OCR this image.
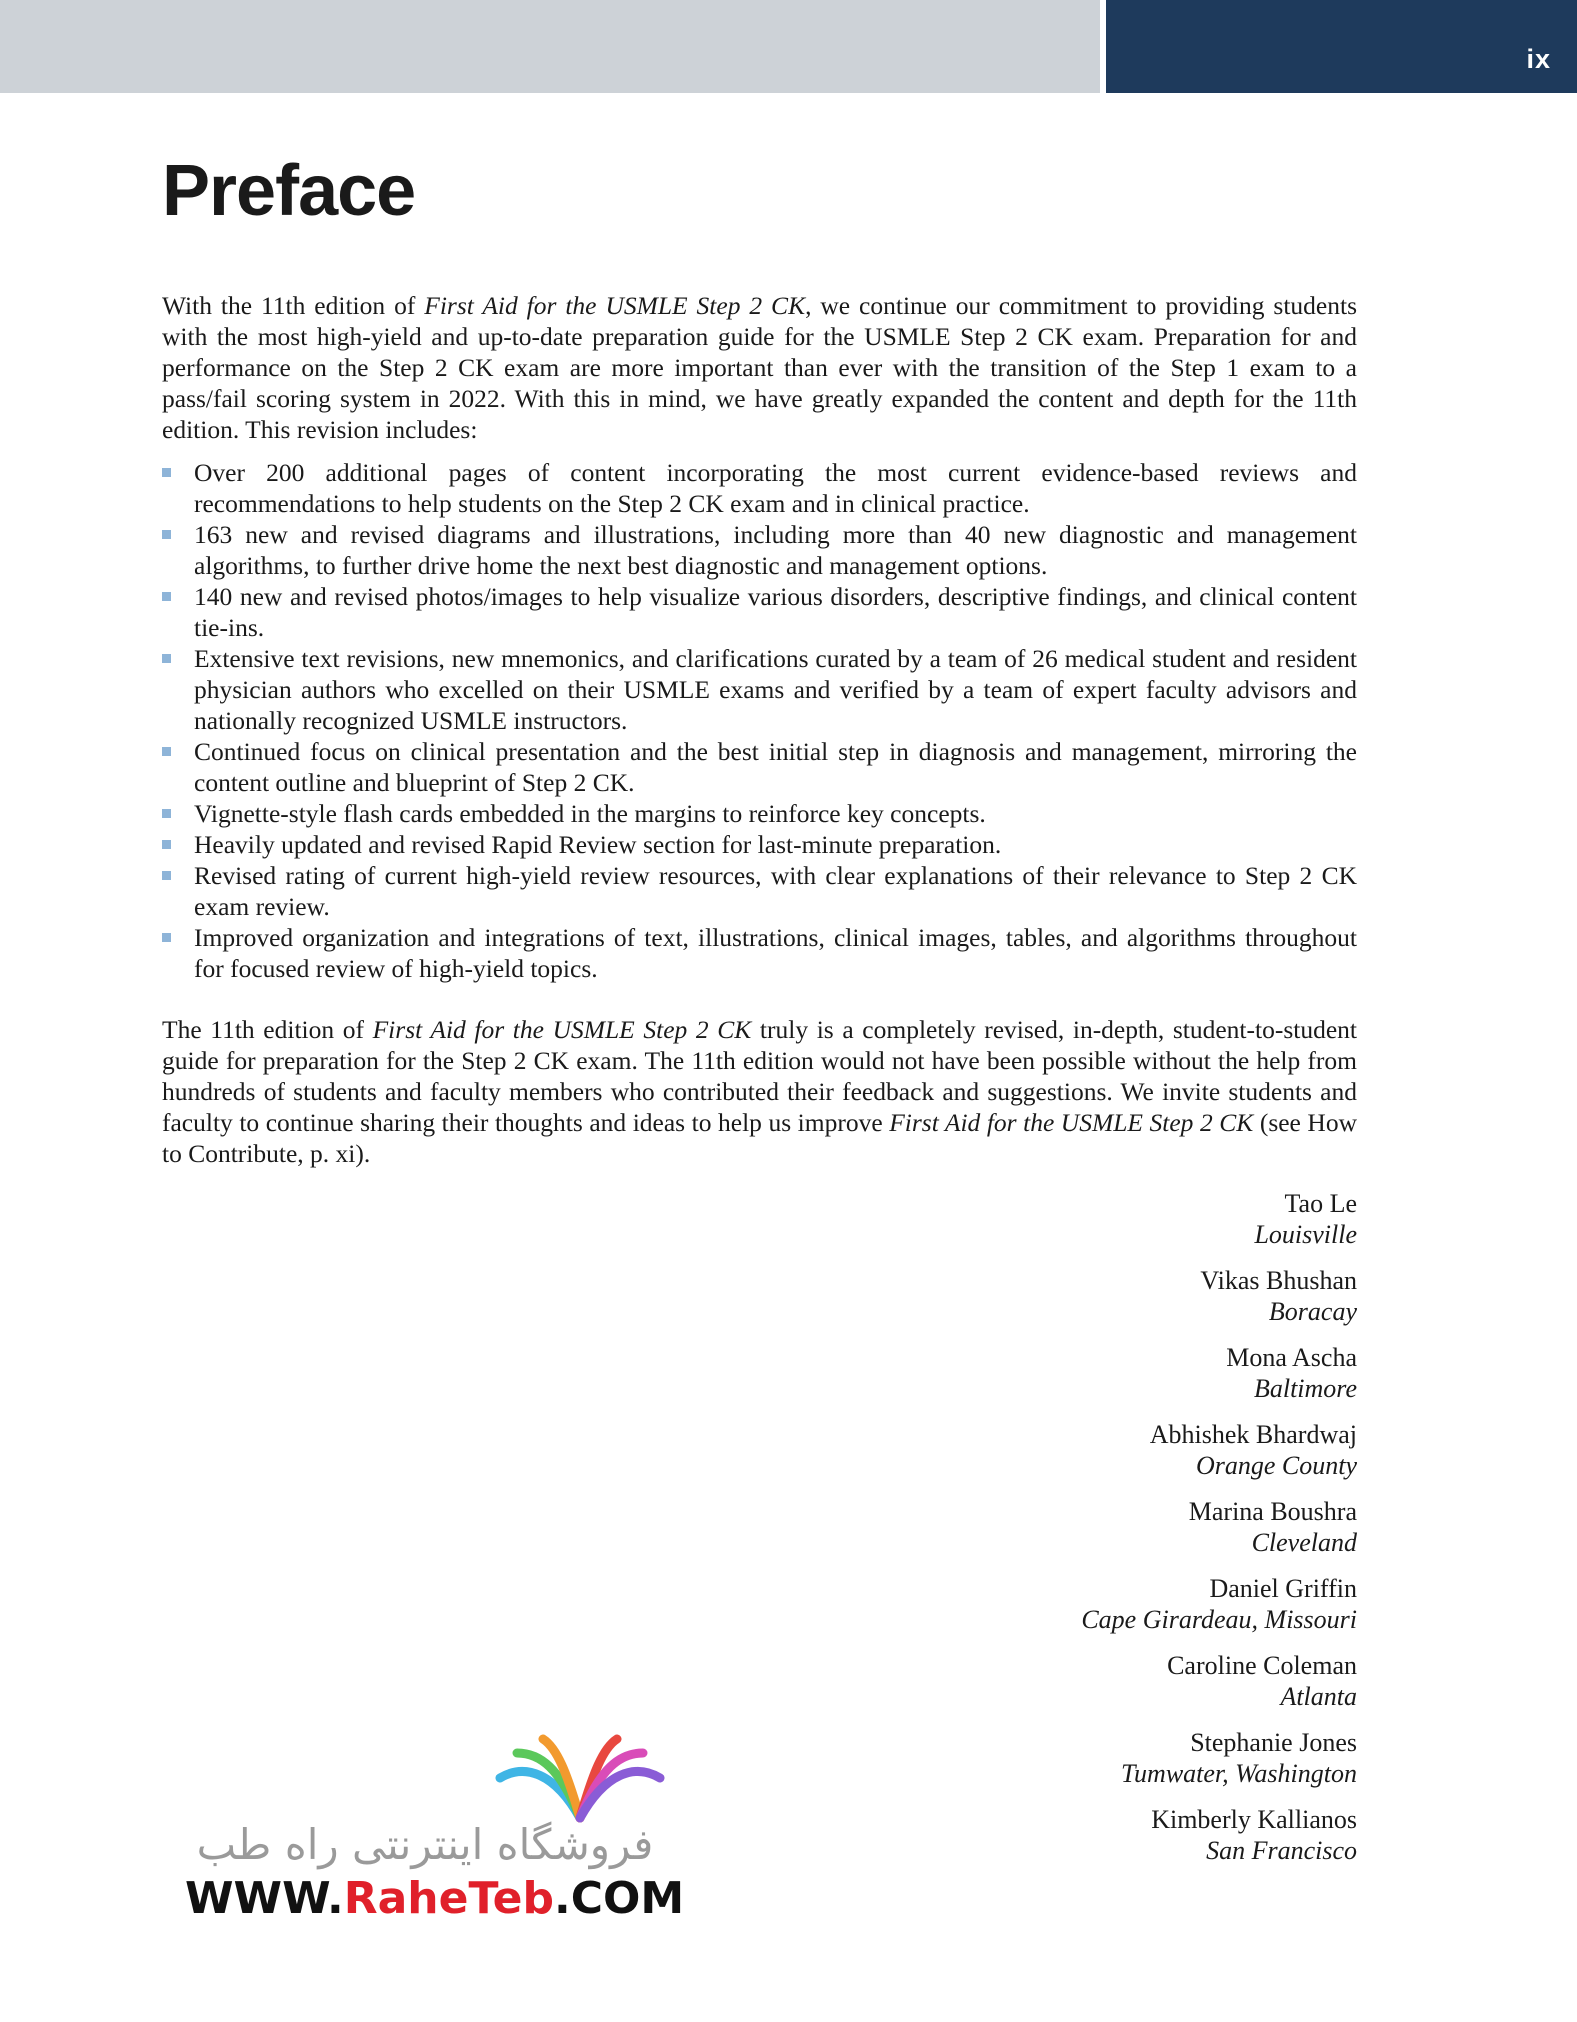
ix
Preface

With the 11th edition of First Aid for the USMLE Step 2 CK, we continue our commitment to providing students with the most high-yield and up-to-date preparation guide for the USMLE Step 2 CK exam. Preparation for and performance on the Step 2 CK exam are more important than ever with the transition of the Step 1 exam to a pass/fail scoring system in 2022. With this in mind, we have greatly expanded the content and depth for the 11th edition. This revision includes:

Over 200 additional pages of content incorporating the most current evidence-based reviews and recommendations to help students on the Step 2 CK exam and in clinical practice.
163 new and revised diagrams and illustrations, including more than 40 new diagnostic and management algorithms, to further drive home the next best diagnostic and management options.
140 new and revised photos/images to help visualize various disorders, descriptive findings, and clinical content tie-ins.
Extensive text revisions, new mnemonics, and clarifications curated by a team of 26 medical student and resident physician authors who excelled on their USMLE exams and verified by a team of expert faculty advisors and nationally recognized USMLE instructors.
Continued focus on clinical presentation and the best initial step in diagnosis and management, mirroring the content outline and blueprint of Step 2 CK.
Vignette-style flash cards embedded in the margins to reinforce key concepts.
Heavily updated and revised Rapid Review section for last-minute preparation.
Revised rating of current high-yield review resources, with clear explanations of their relevance to Step 2 CK exam review.
Improved organization and integrations of text, illustrations, clinical images, tables, and algorithms throughout for focused review of high-yield topics.

The 11th edition of First Aid for the USMLE Step 2 CK truly is a completely revised, in-depth, student-to-student guide for preparation for the Step 2 CK exam. The 11th edition would not have been possible without the help from hundreds of students and faculty members who contributed their feedback and suggestions. We invite students and faculty to continue sharing their thoughts and ideas to help us improve First Aid for the USMLE Step 2 CK (see How to Contribute, p. xi).

Tao Le
Louisville
Vikas Bhushan
Boracay
Mona Ascha
Baltimore
Abhishek Bhardwaj
Orange County
Marina Boushra
Cleveland
Daniel Griffin
Cape Girardeau, Missouri
Caroline Coleman
Atlanta
Stephanie Jones
Tumwater, Washington
Kimberly Kallianos
San Francisco
فروشگاه اینترنتی راه طب
WWW.RaheTeb.COM
